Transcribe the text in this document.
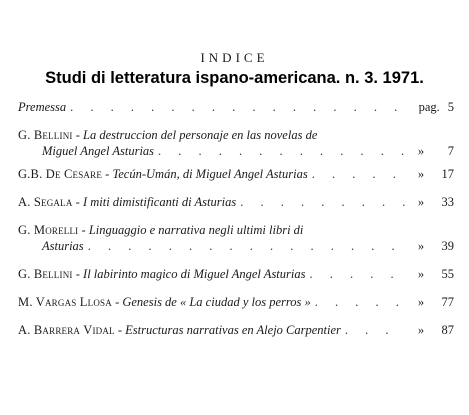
INDICE
Studi di letteratura ispano-americana. n. 3. 1971.
Premessa . . .	pag. 5
G. Bellini - La destruccion del personaje en las novelas de
Miguel Angel Asturias . . .	»	7
G.B. De Cesare - Tecún-Umán, di Miguel Angel Asturias . . .	»	17
A. Segala - I miti dimistificanti di Asturias . . .	»	33
G. Morelli - Linguaggio e narrativa negli ultimi libri di
Asturias . . .	»	39
G. Bellini - Il labirinto magico di Miguel Angel Asturias . . .	»	55
M. Vargas Llosa - Genesis de « La ciudad y los perros » . . .	»	77
A. Barrera Vidal - Estructuras narrativas en Alejo Carpentier . . .	»	87
